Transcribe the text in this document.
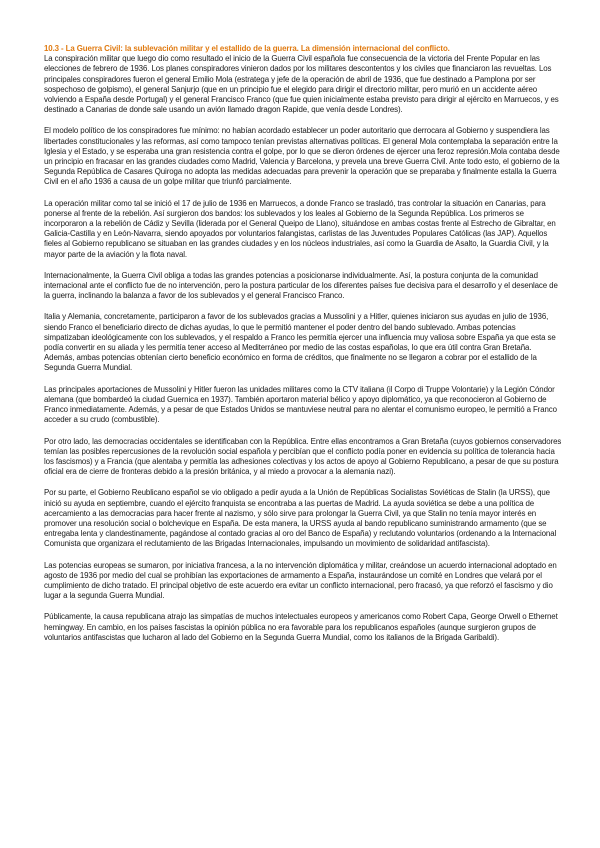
10.3 - La Guerra Civil: la sublevación militar y el estallido de la guerra. La dimensión internacional del conflicto.

La conspiración militar que luego dio como resultado el inicio de la Guerra Civil española fue consecuencia de la victoria del Frente Popular en las elecciones de febrero de 1936. Los planes conspiradores vinieron dados por los militares descontentos y los civiles que financiaron las revueltas. Los principales conspiradores fueron el general Emilio Mola (estratega y jefe de la operación de abril de 1936, que fue destinado a Pamplona por ser sospechoso de golpismo), el general Sanjurjo (que en un principio fue el elegido para dirigir el directorio militar, pero murió en un accidente aéreo volviendo a España desde Portugal) y el general Francisco Franco (que fue quien inicialmente estaba previsto para dirigir al ejército en Marruecos, y es destinado a Canarias de donde sale usando un avión llamado dragon Rapide, que venía desde Londres).

El modelo político de los conspiradores fue mínimo: no habían acordado establecer un poder autoritario que derrocara al Gobierno y suspendiera las libertades constitucionales y las reformas, así como tampoco tenían previstas alternativas políticas. El general Mola contemplaba la separación entre la Iglesia y el Estado, y se esperaba una gran resistencia contra el golpe, por lo que se dieron órdenes de ejercer una feroz represión.Mola contaba desde un principio en fracasar en las grandes ciudades como Madrid, Valencia y Barcelona, y prevela una breve Guerra Civil. Ante todo esto, el gobierno de la Segunda República de Casares Quiroga no adopta las medidas adecuadas para prevenir la operación que se preparaba y finalmente estalla la Guerra Civil en el año 1936 a causa de un golpe militar que triunfó parcialmente.

La operación militar como tal se inició el 17 de julio de 1936 en Marruecos, a donde Franco se trasladó, tras controlar la situación en Canarias, para ponerse al frente de la rebelión. Así surgieron dos bandos: los sublevados y los leales al Gobierno de la Segunda República. Los primeros se incorporaron a la rebelión de Cádiz y Sevilla (liderada por el General Queipo de Llano), situándose en ambas costas frente al Estrecho de Gibraltar, en Galicia-Castilla y en León-Navarra, siendo apoyados por voluntarios falangistas, carlistas de las Juventudes Populares Católicas (las JAP). Aquellos fieles al Gobierno republicano se situaban en las grandes ciudades y en los núcleos industriales, así como la Guardia de Asalto, la Guardia Civil, y la mayor parte de la aviación y la flota naval.

Internacionalmente, la Guerra Civil obliga a todas las grandes potencias a posicionarse individualmente. Así, la postura conjunta de la comunidad internacional ante el conflicto fue de no intervención, pero la postura particular de los diferentes países fue decisiva para el desarrollo y el desenlace de la guerra, inclinando la balanza a favor de los sublevados y el general Francisco Franco.

Italia y Alemania, concretamente, participaron a favor de los sublevados gracias a Mussolini y a Hitler, quienes iniciaron sus ayudas en julio de 1936, siendo Franco el beneficiario directo de dichas ayudas, lo que le permitió mantener el poder dentro del bando sublevado. Ambas potencias simpatizaban ideológicamente con los sublevados, y el respaldo a Franco les permitía ejercer una influencia muy valiosa sobre España ya que esta se podía convertir en su aliada y les permitía tener acceso al Mediterráneo por medio de las costas españolas, lo que era útil contra Gran Bretaña. Además, ambas potencias obtenían cierto beneficio económico en forma de créditos, que finalmente no se llegaron a cobrar por el estallido de la Segunda Guerra Mundial.

Las principales aportaciones de Mussolini y Hitler fueron las unidades militares como la CTV italiana (il Corpo di Truppe Volontarie) y la Legión Cóndor alemana (que bombardeó la ciudad Guernica en 1937). También aportaron material bélico y apoyo diplomático, ya que reconocieron al Gobierno de Franco inmediatamente. Además, y a pesar de que Estados Unidos se mantuviese neutral para no alentar el comunismo europeo, le permitió a Franco acceder a su crudo (combustible).

Por otro lado, las democracias occidentales se identificaban con la República. Entre ellas encontramos a Gran Bretaña (cuyos gobiernos conservadores temían las posibles repercusiones de la revolución social española y percibían que el conflicto podía poner en evidencia su política de tolerancia hacia los fascismos) y a Francia (que alentaba y permitía las adhesiones colectivas y los actos de apoyo al Gobierno Republicano, a pesar de que su postura oficial era de cierre de fronteras debido a la presión británica, y al miedo a provocar a la alemania nazi).

Por su parte, el Gobierno Reublicano español se vio obligado a pedir ayuda a la Unión de Repúblicas Socialistas Soviéticas de Stalin (la URSS), que inició su ayuda en septiembre, cuando el ejército franquista se encontraba a las puertas de Madrid. La ayuda soviética se debe a una política de acercamiento a las democracias para hacer frente al nazismo, y sólo sirve para prolongar la Guerra Civil, ya que Stalin no tenía mayor interés en promover una resolución social o bolchevique en España. De esta manera, la URSS ayuda al bando republicano suministrando armamento (que se entregaba lenta y clandestinamente, pagándose al contado gracias al oro del Banco de España) y reclutando voluntarios (ordenando a la Internacional Comunista que organizara el reclutamiento de las Brigadas Internacionales, impulsando un movimiento de solidaridad antifascista).

Las potencias europeas se sumaron, por iniciativa francesa, a la no intervención diplomática y militar, creándose un acuerdo internacional adoptado en agosto de 1936 por medio del cual se prohibían las exportaciones de armamento a España, instaurándose un comité en Londres que velará por el cumplimiento de dicho tratado. El principal objetivo de este acuerdo era evitar un conflicto internacional, pero fracasó, ya que reforzó el fascismo y dio lugar a la segunda Guerra Mundial.

Públicamente, la causa republicana atrajo las simpatías de muchos intelectuales europeos y americanos como Robert Capa, George Orwell o Ethernet hemingway. En cambio, en los países fascistas la opinión pública no era favorable para los republicanos españoles (aunque surgieron grupos de voluntarios antifascistas que lucharon al lado del Gobierno en la Segunda Guerra Mundial, como los italianos de la Brigada Garibaldi).
